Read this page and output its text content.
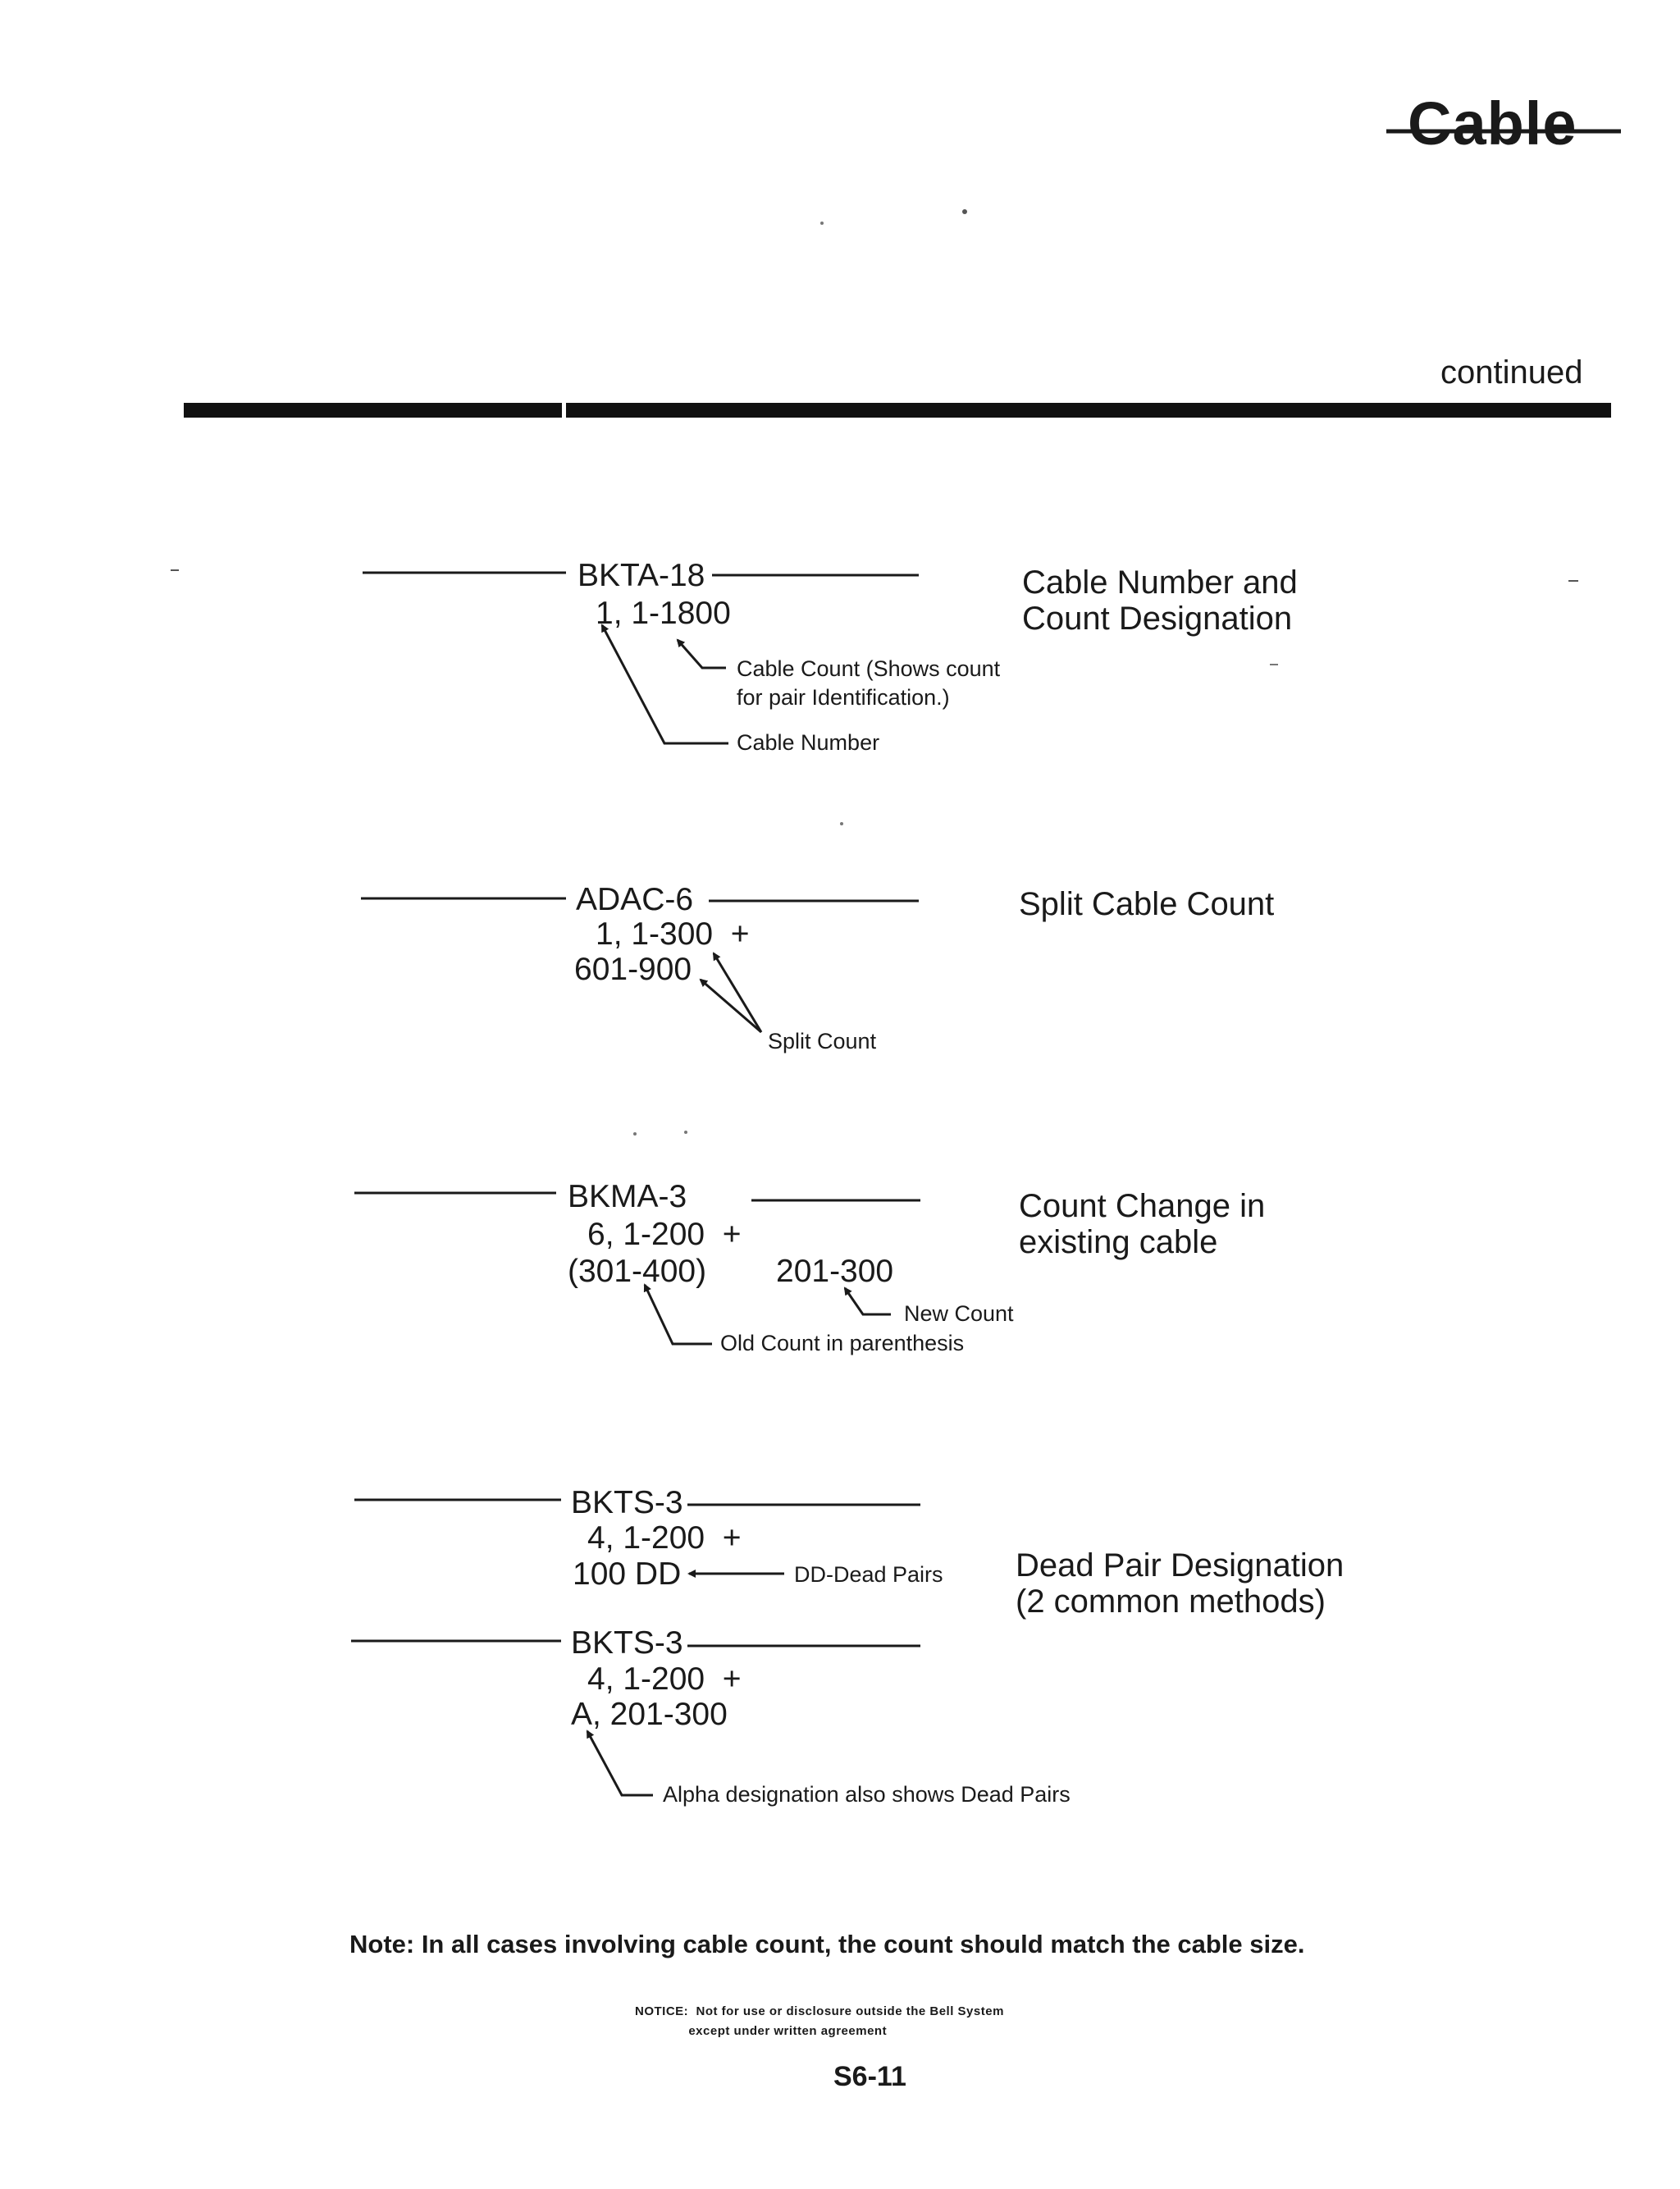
Cable
continued
BKTA-18
1, 1-1800
Cable Number and
Count Designation
Cable Count (Shows count
for pair Identification.)
Cable Number
ADAC-6
1, 1-300  +
601-900
Split Cable Count
Split Count
BKMA-3
6, 1-200  +
(301-400) 201-300
Count Change in
existing cable
New Count
Old Count in parenthesis
BKTS-3
4, 1-200  +
100 DD	Dead Pair Designation
(2 common methods)
DD-Dead Pairs
BKTS-3
4, 1-200  +
A, 201-300
Alpha designation also shows Dead Pairs
Note: In all cases involving cable count, the count should match the cable size.
NOTICE:  Not for use or disclosure outside the Bell System
except under written agreement
S6-11
